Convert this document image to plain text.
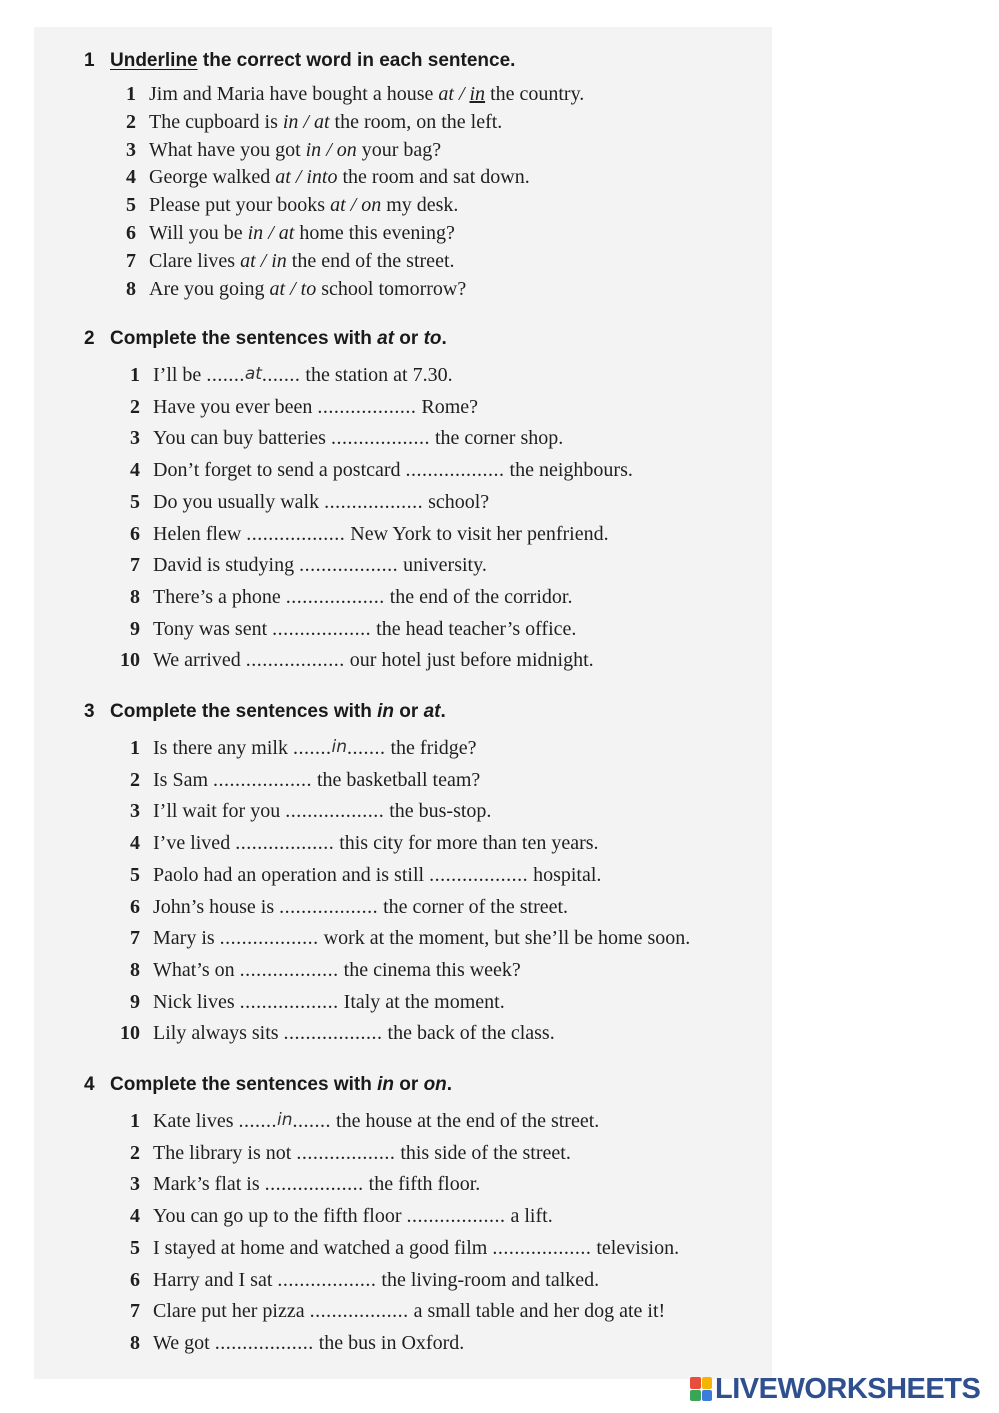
1 Underline the correct word in each sentence.
1 Jim and Maria have bought a house at / in the country.
2 The cupboard is in / at the room, on the left.
3 What have you got in / on your bag?
4 George walked at / into the room and sat down.
5 Please put your books at / on my desk.
6 Will you be in / at home this evening?
7 Clare lives at / in the end of the street.
8 Are you going at / to school tomorrow?
2 Complete the sentences with at or to.
1 I’ll be .......at....... the station at 7.30.
2 Have you ever been .................. Rome?
3 You can buy batteries .................. the corner shop.
4 Don’t forget to send a postcard .................. the neighbours.
5 Do you usually walk .................. school?
6 Helen flew .................. New York to visit her penfriend.
7 David is studying .................. university.
8 There’s a phone .................. the end of the corridor.
9 Tony was sent .................. the head teacher’s office.
10 We arrived .................. our hotel just before midnight.
3 Complete the sentences with in or at.
1 Is there any milk .......in....... the fridge?
2 Is Sam .................. the basketball team?
3 I’ll wait for you .................. the bus-stop.
4 I’ve lived .................. this city for more than ten years.
5 Paolo had an operation and is still .................. hospital.
6 John’s house is .................. the corner of the street.
7 Mary is .................. work at the moment, but she’ll be home soon.
8 What’s on .................. the cinema this week?
9 Nick lives .................. Italy at the moment.
10 Lily always sits .................. the back of the class.
4 Complete the sentences with in or on.
1 Kate lives .......in....... the house at the end of the street.
2 The library is not .................. this side of the street.
3 Mark’s flat is .................. the fifth floor.
4 You can go up to the fifth floor .................. a lift.
5 I stayed at home and watched a good film .................. television.
6 Harry and I sat .................. the living-room and talked.
7 Clare put her pizza .................. a small table and her dog ate it!
8 We got .................. the bus in Oxford.
LIVEWORKSHEETS
